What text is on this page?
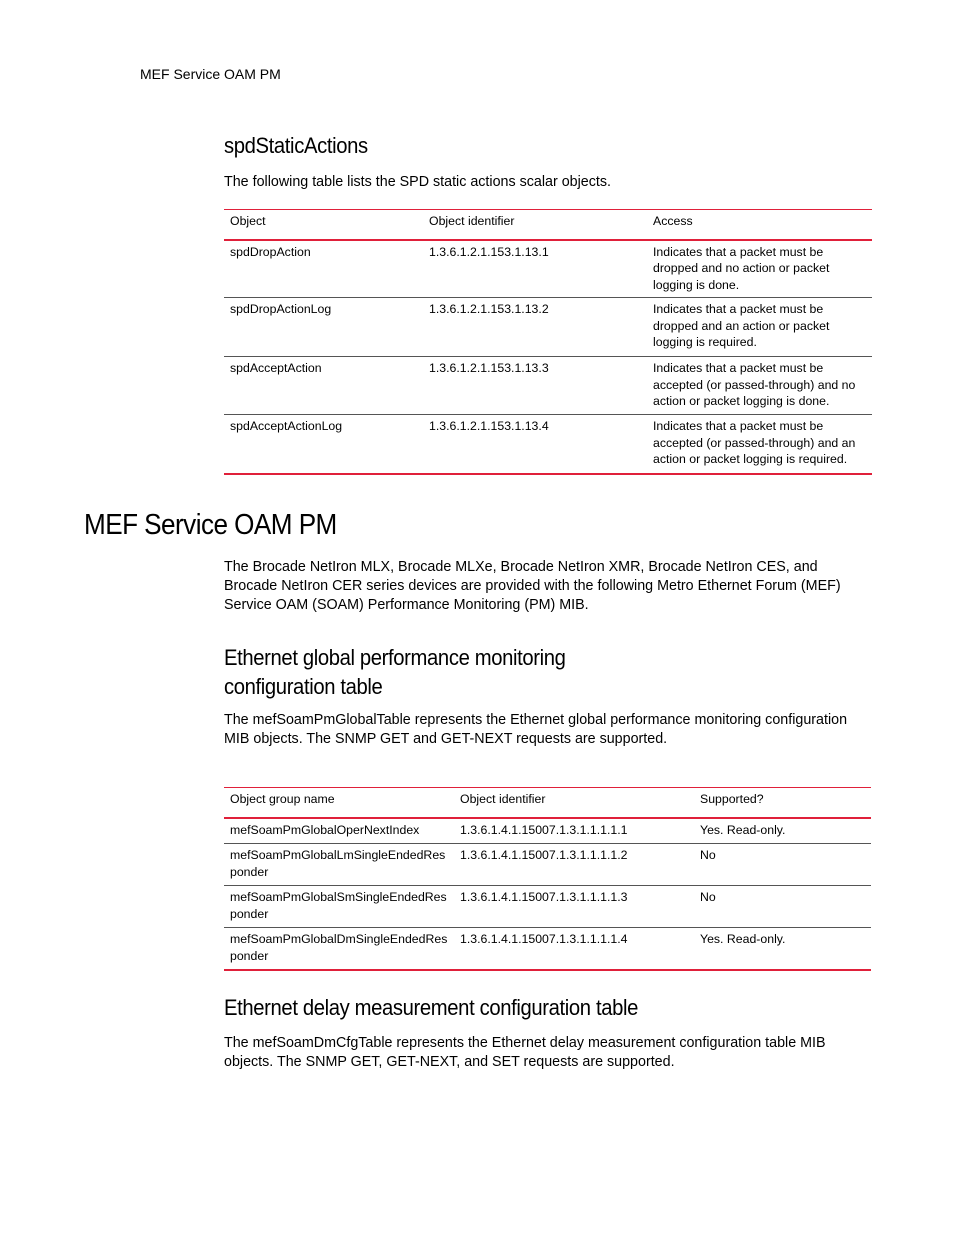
MEF Service OAM PM
spdStaticActions
The following table lists the SPD static actions scalar objects.
Object	Object identifier	Access
spdDropAction	1.3.6.1.2.1.153.1.13.1	Indicates that a packet must be dropped and no action or packet logging is done.
spdDropActionLog	1.3.6.1.2.1.153.1.13.2	Indicates that a packet must be dropped and an action or packet logging is required.
spdAcceptAction	1.3.6.1.2.1.153.1.13.3	Indicates that a packet must be accepted (or passed-through) and no action or packet logging is done.
spdAcceptActionLog	1.3.6.1.2.1.153.1.13.4	Indicates that a packet must be accepted (or passed-through) and an action or packet logging is required.
MEF Service OAM PM
The Brocade NetIron MLX, Brocade MLXe, Brocade NetIron XMR, Brocade NetIron CES, and Brocade NetIron CER series devices are provided with the following Metro Ethernet Forum (MEF) Service OAM (SOAM) Performance Monitoring (PM) MIB.
Ethernet global performance monitoring
configuration table
The mefSoamPmGlobalTable represents the Ethernet global performance monitoring configuration MIB objects. The SNMP GET and GET-NEXT requests are supported.
Object group name	Object identifier	Supported?
mefSoamPmGlobalOperNextIndex	1.3.6.1.4.1.15007.1.3.1.1.1.1.1	Yes. Read-only.
mefSoamPmGlobalLmSingleEndedResponder	1.3.6.1.4.1.15007.1.3.1.1.1.1.2	No
mefSoamPmGlobalSmSingleEndedResponder	1.3.6.1.4.1.15007.1.3.1.1.1.1.3	No
mefSoamPmGlobalDmSingleEndedResponder	1.3.6.1.4.1.15007.1.3.1.1.1.1.4	Yes. Read-only.
Ethernet delay measurement configuration table
The mefSoamDmCfgTable represents the Ethernet delay measurement configuration table MIB objects. The SNMP GET, GET-NEXT, and SET requests are supported.
